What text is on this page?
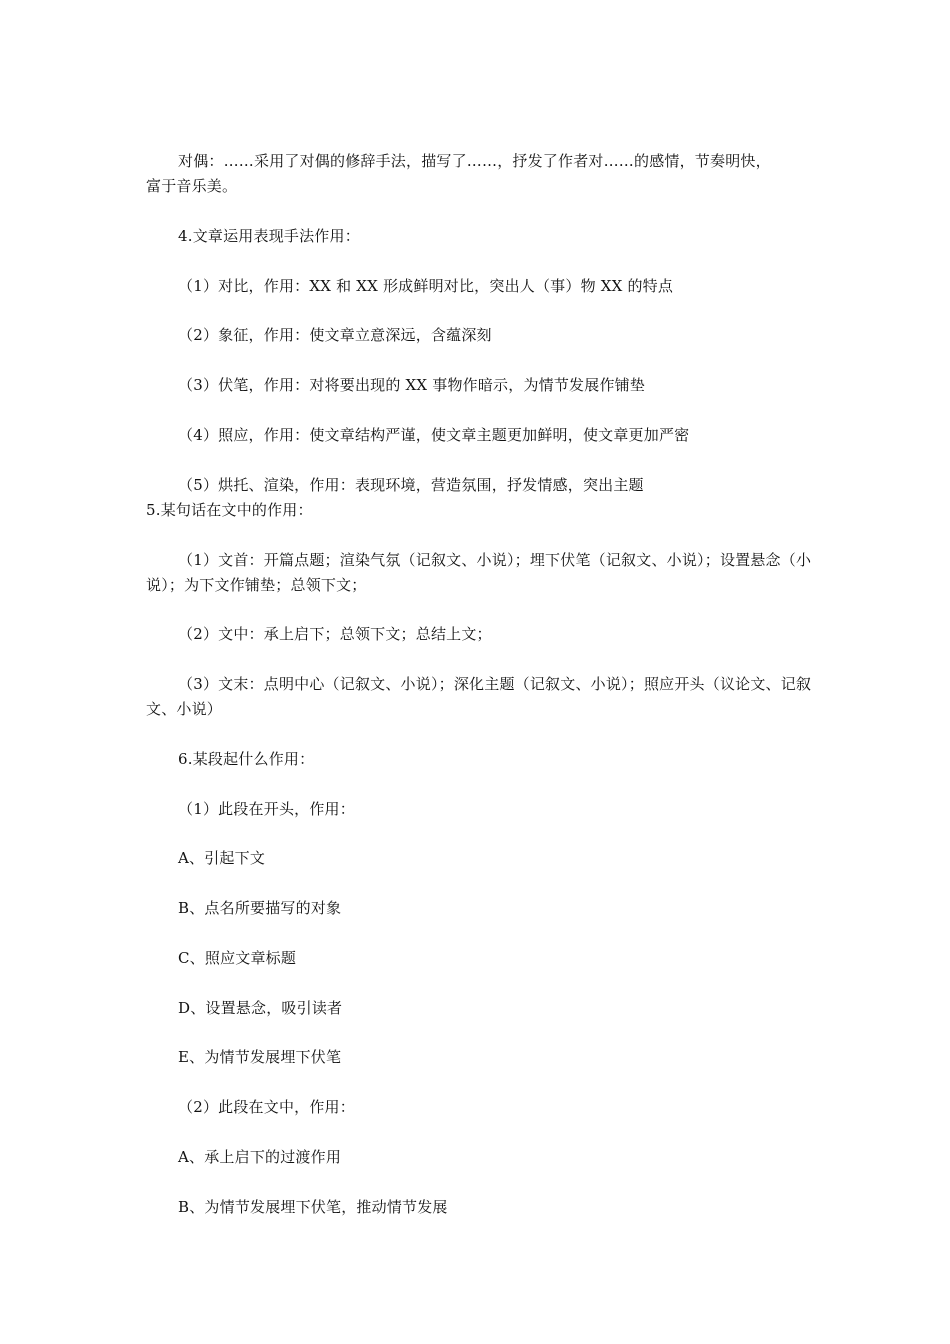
对偶：……采用了对偶的修辞手法，描写了……，抒发了作者对……的感情，节奏明快，
富于音乐美。
4.文章运用表现手法作用：
（1）对比，作用：XX 和 XX 形成鲜明对比，突出人（事）物 XX 的特点
（2）象征，作用：使文章立意深远，含蕴深刻
（3）伏笔，作用：对将要出现的 XX 事物作暗示，为情节发展作铺垫
（4）照应，作用：使文章结构严谨，使文章主题更加鲜明，使文章更加严密
（5）烘托、渲染，作用：表现环境，营造氛围，抒发情感，突出主题
5.某句话在文中的作用：
（1）文首：开篇点题；渲染气氛（记叙文、小说）；埋下伏笔（记叙文、小说）；设置悬念（小
说）；为下文作铺垫；总领下文；
（2）文中：承上启下；总领下文；总结上文；
（3）文末：点明中心（记叙文、小说）；深化主题（记叙文、小说）；照应开头（议论文、记叙
文、小说）
6.某段起什么作用：
（1）此段在开头，作用：
A、引起下文
B、点名所要描写的对象
C、照应文章标题
D、设置悬念，吸引读者
E、为情节发展埋下伏笔
（2）此段在文中，作用：
A、承上启下的过渡作用
B、为情节发展埋下伏笔，推动情节发展
